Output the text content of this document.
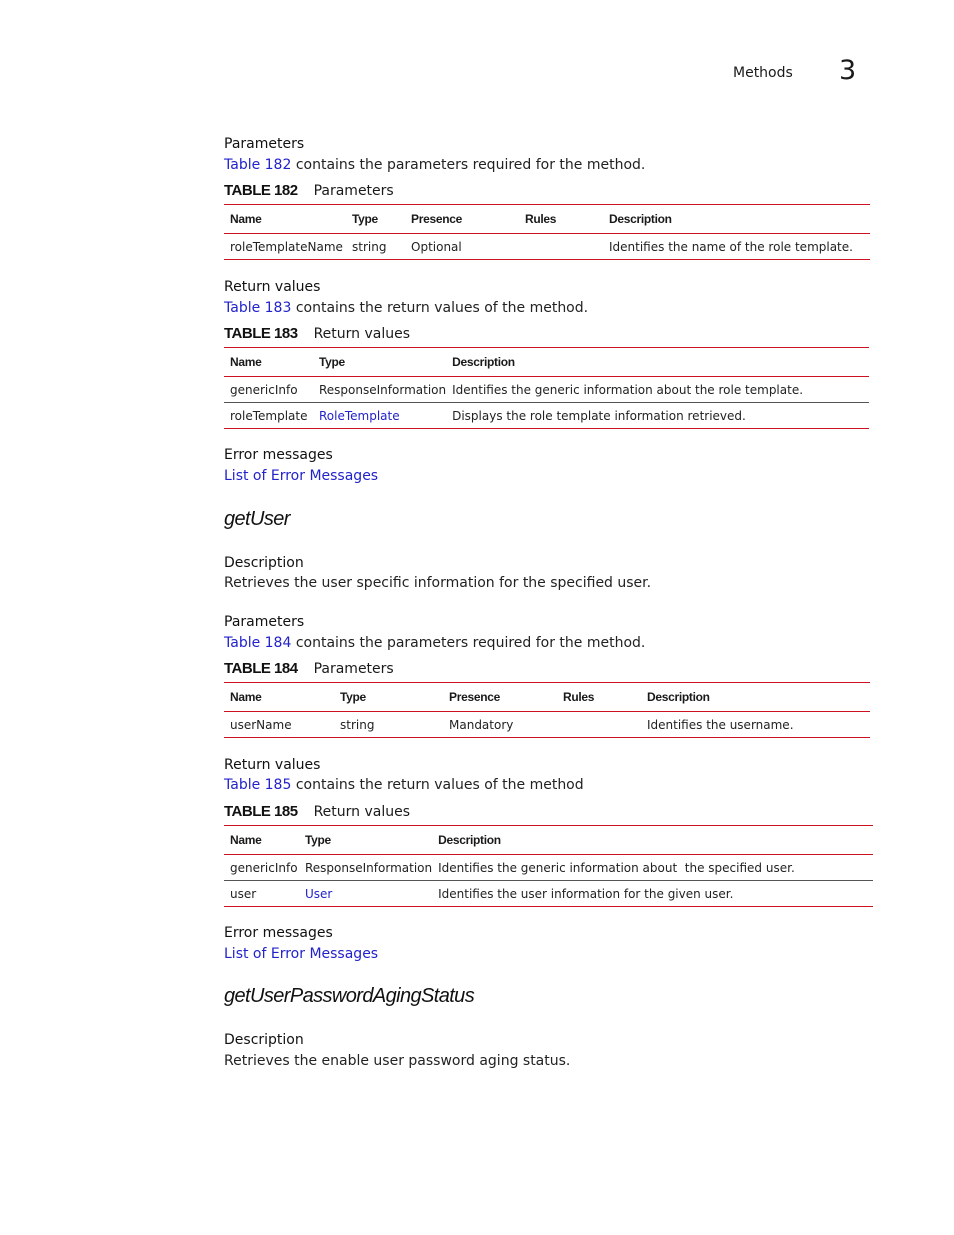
Methods 3
Parameters
Table 182 contains the parameters required for the method.
TABLE 182 Parameters
Name	Type	Presence	Rules	Description
roleTemplateName	string	Optional		Identifies the name of the role template.
Return values
Table 183 contains the return values of the method.
TABLE 183 Return values
Name	Type	Description
genericInfo	ResponseInformation	Identifies the generic information about the role template.
roleTemplate	RoleTemplate	Displays the role template information retrieved.
Error messages
List of Error Messages
getUser
Description
Retrieves the user specific information for the specified user.
Parameters
Table 184 contains the parameters required for the method.
TABLE 184 Parameters
Name	Type	Presence	Rules	Description
userName	string	Mandatory		Identifies the username.
Return values
Table 185 contains the return values of the method
TABLE 185 Return values
Name	Type	Description
genericInfo	ResponseInformation	Identifies the generic information about  the specified user.
user	User	Identifies the user information for the given user.
Error messages
List of Error Messages
getUserPasswordAgingStatus
Description
Retrieves the enable user password aging status.
